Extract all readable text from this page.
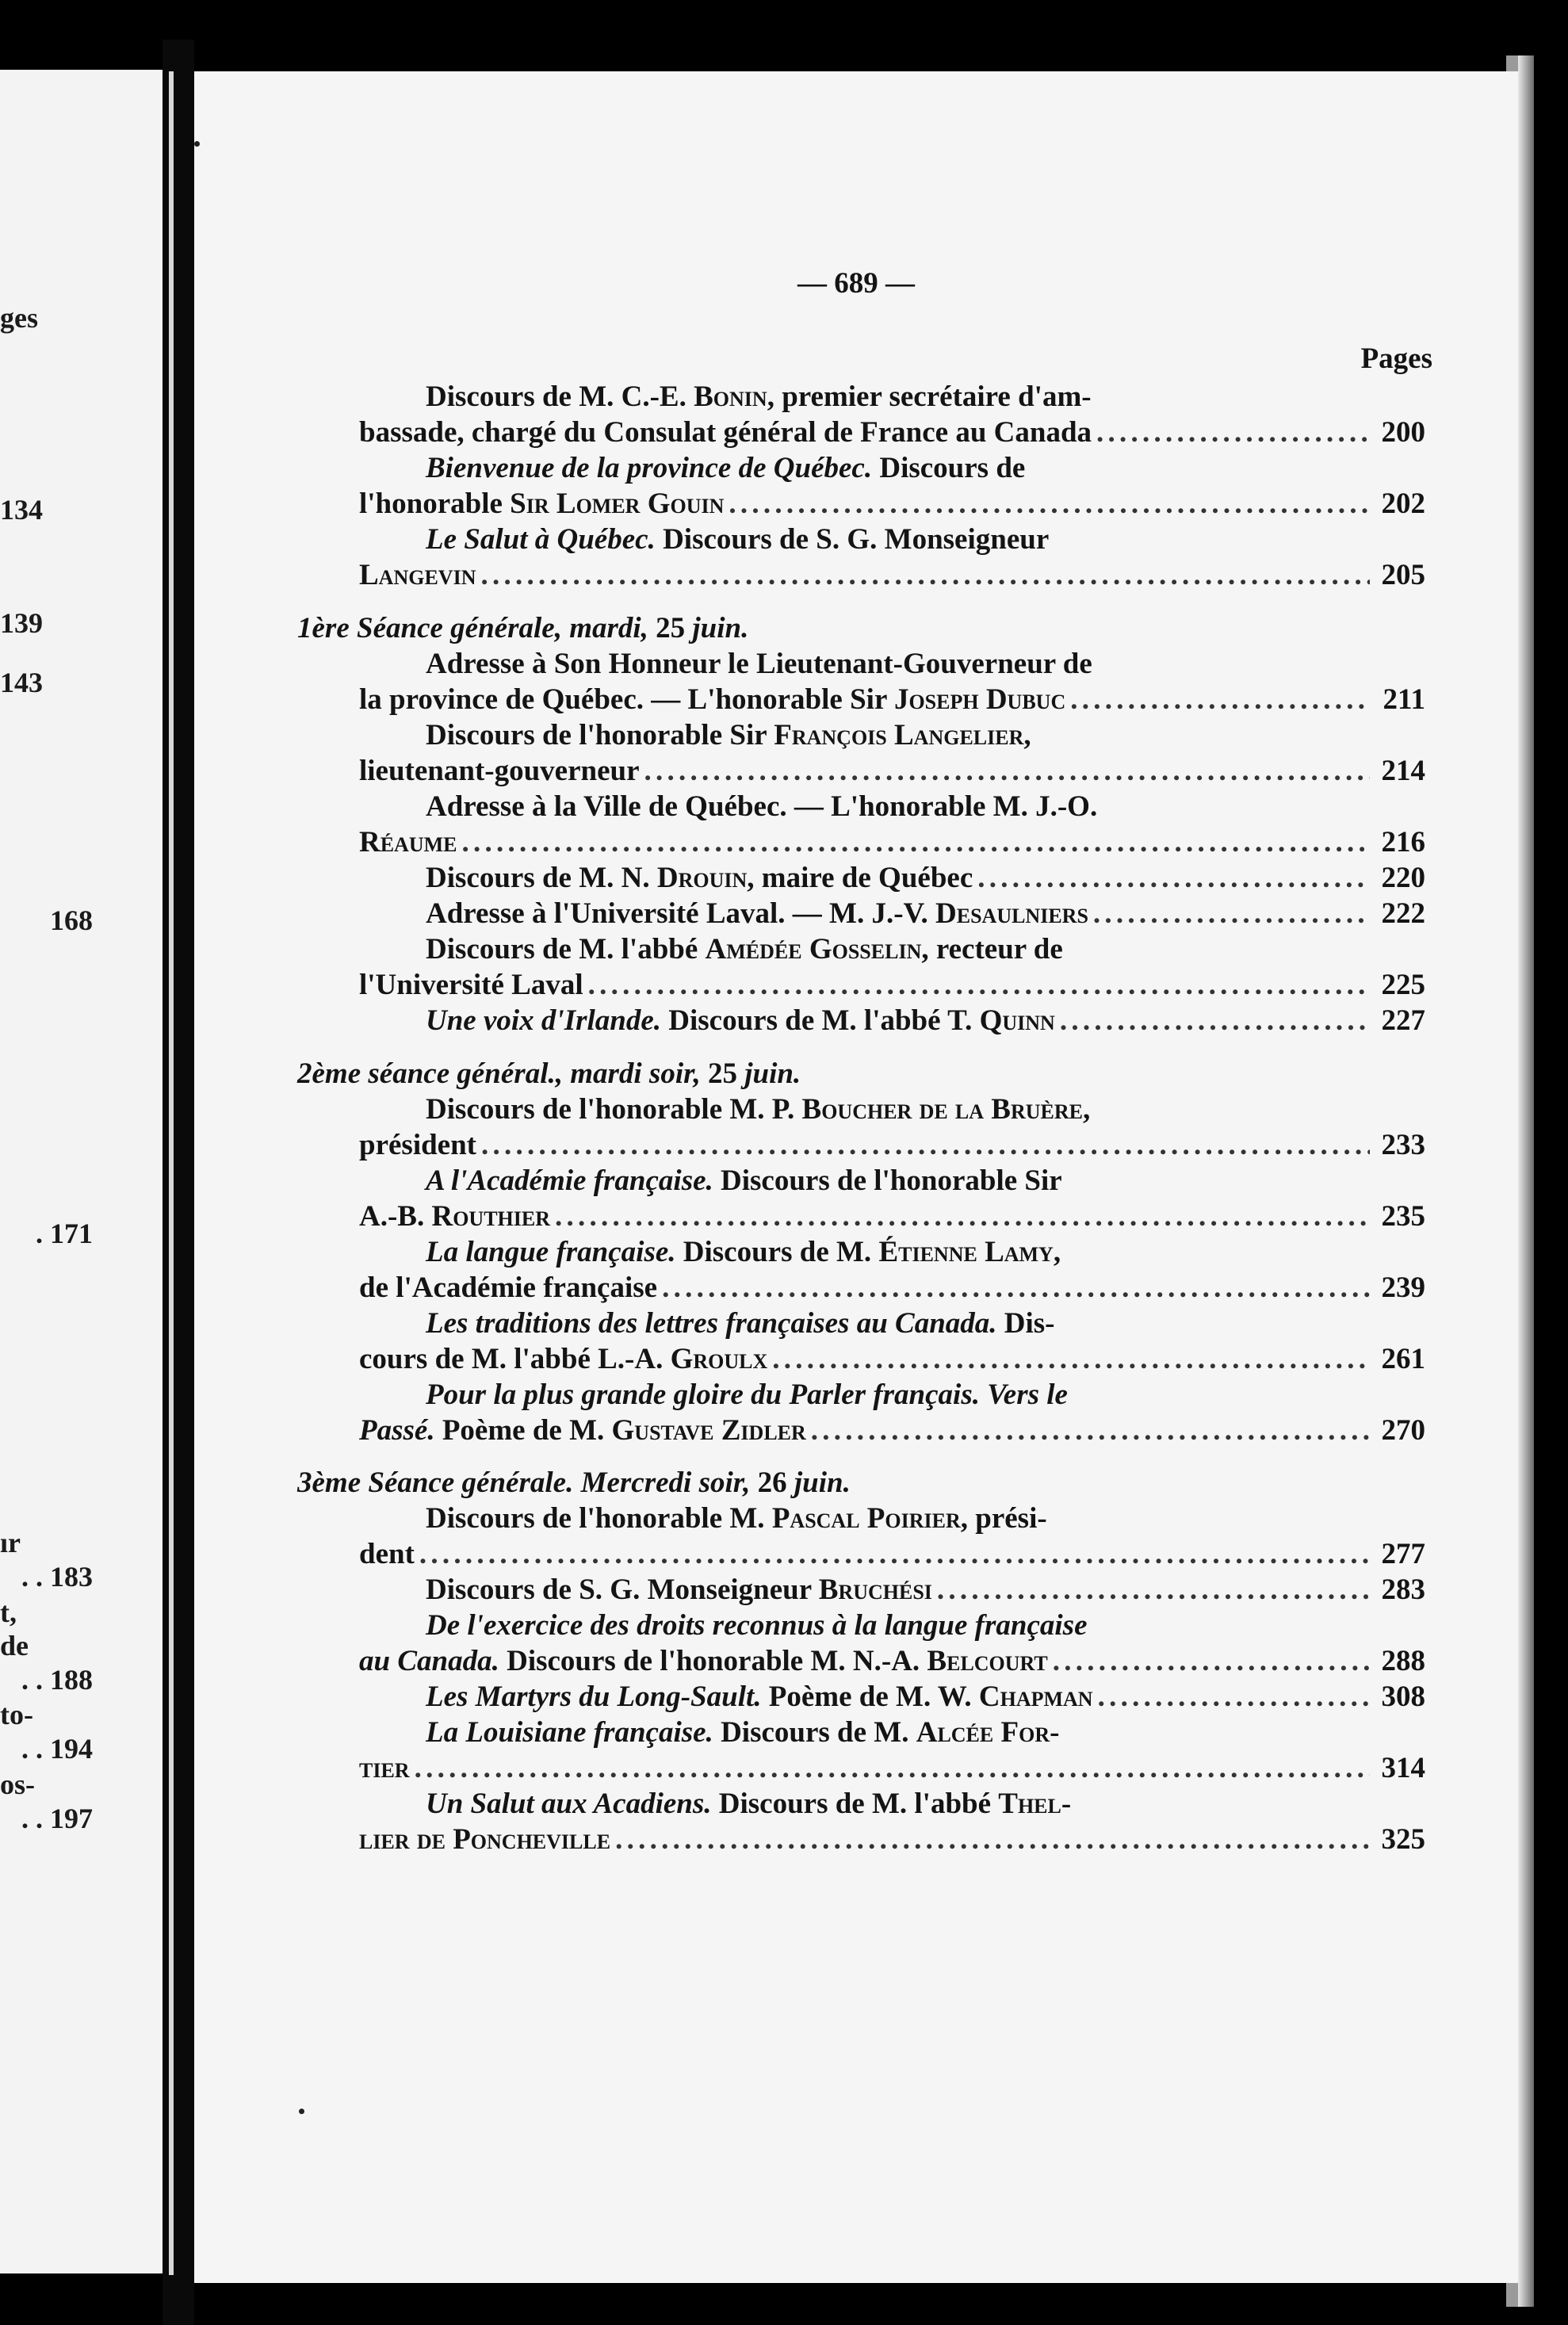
ges
134
139
143
168
. 171
ır
. . 183
t,
de
. . 188
to-
. . 194
os-
. . 197
— 689 —
Pages
Discours de M. C.-E. Bonin, premier secrétaire d'am-
bassade, chargé du Consulat général de France au Canada . . .	200
Bienvenue de la province de Québec. Discours de
l'honorable Sir Lomer Gouin . . .	202
Le Salut à Québec. Discours de S. G. Monseigneur
Langevin . . .	205
1ère Séance générale, mardi, 25 juin.
Adresse à Son Honneur le Lieutenant-Gouverneur de
la province de Québec. — L'honorable Sir Joseph Dubuc . . .	211
Discours de l'honorable Sir François Langelier,
lieutenant-gouverneur . . .	214
Adresse à la Ville de Québec. — L'honorable M. J.-O.
Réaume . . .	216
Discours de M. N. Drouin, maire de Québec . . .	220
Adresse à l'Université Laval. — M. J.-V. Desaulniers . . .	222
Discours de M. l'abbé Amédée Gosselin, recteur de
l'Université Laval . . .	225
Une voix d'Irlande. Discours de M. l'abbé T. Quinn . . .	227
2ème séance général., mardi soir, 25 juin.
Discours de l'honorable M. P. Boucher de la Bruère,
président . . .	233
A l'Académie française. Discours de l'honorable Sir
A.-B. Routhier . . .	235
La langue française. Discours de M. Étienne Lamy,
de l'Académie française . . .	239
Les traditions des lettres françaises au Canada. Dis-
cours de M. l'abbé L.-A. Groulx . . .	261
Pour la plus grande gloire du Parler français. Vers le
Passé. Poème de M. Gustave Zidler . . .	270
3ème Séance générale. Mercredi soir, 26 juin.
Discours de l'honorable M. Pascal Poirier, prési-
dent . . .	277
Discours de S. G. Monseigneur Bruchési . . .	283
De l'exercice des droits reconnus à la langue française
au Canada. Discours de l'honorable M. N.-A. Belcourt . . .	288
Les Martyrs du Long-Sault. Poème de M. W. Chapman . . .	308
La Louisiane française. Discours de M. Alcée For-
tier . . .	314
Un Salut aux Acadiens. Discours de M. l'abbé Thel-
lier de Poncheville . . .	325
